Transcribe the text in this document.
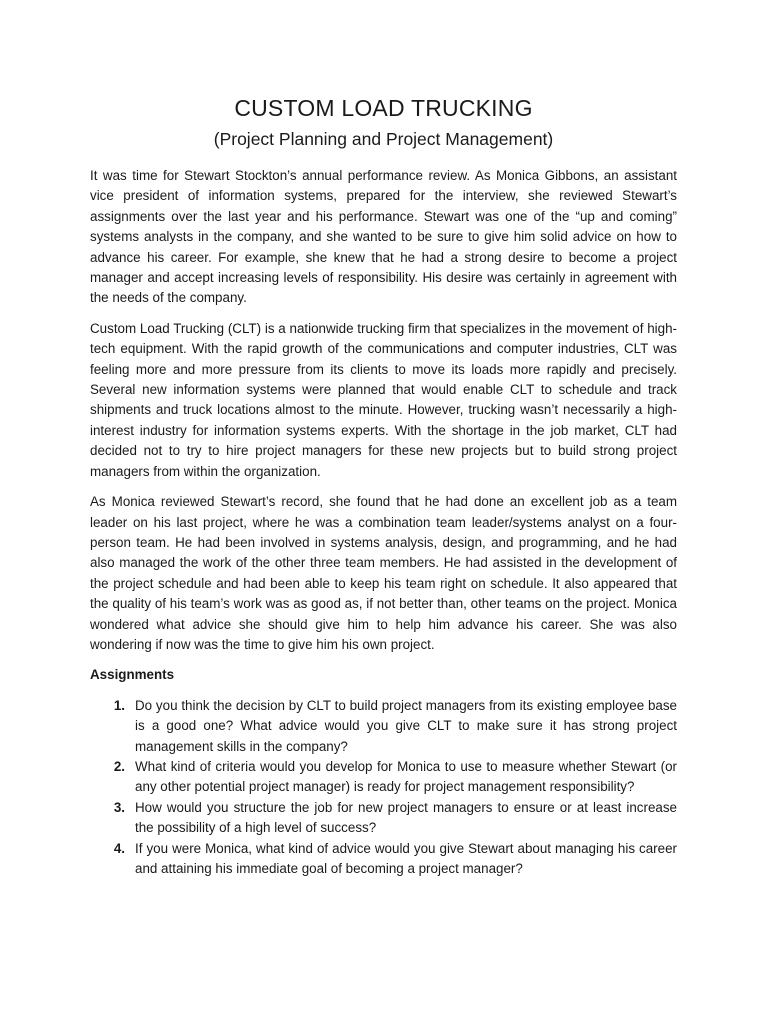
CUSTOM LOAD TRUCKING
(Project Planning and Project Management)

It was time for Stewart Stockton’s annual performance review. As Monica Gibbons, an assistant vice president of information systems, prepared for the interview, she reviewed Stewart’s assignments over the last year and his performance. Stewart was one of the “up and coming” systems analysts in the company, and she wanted to be sure to give him solid advice on how to advance his career. For example, she knew that he had a strong desire to become a project manager and accept increasing levels of responsibility. His desire was certainly in agreement with the needs of the company.

Custom Load Trucking (CLT) is a nationwide trucking firm that specializes in the movement of high-tech equipment. With the rapid growth of the communications and computer industries, CLT was feeling more and more pressure from its clients to move its loads more rapidly and precisely. Several new information systems were planned that would enable CLT to schedule and track shipments and truck locations almost to the minute. However, trucking wasn’t necessarily a high-interest industry for information systems experts. With the shortage in the job market, CLT had decided not to try to hire project managers for these new projects but to build strong project managers from within the organization.

As Monica reviewed Stewart’s record, she found that he had done an excellent job as a team leader on his last project, where he was a combination team leader/systems analyst on a four-person team. He had been involved in systems analysis, design, and programming, and he had also managed the work of the other three team members. He had assisted in the development of the project schedule and had been able to keep his team right on schedule. It also appeared that the quality of his team’s work was as good as, if not better than, other teams on the project. Monica wondered what advice she should give him to help him advance his career. She was also wondering if now was the time to give him his own project.

Assignments
1. Do you think the decision by CLT to build project managers from its existing employee base is a good one? What advice would you give CLT to make sure it has strong project management skills in the company?
2. What kind of criteria would you develop for Monica to use to measure whether Stewart (or any other potential project manager) is ready for project management responsibility?
3. How would you structure the job for new project managers to ensure or at least increase the possibility of a high level of success?
4. If you were Monica, what kind of advice would you give Stewart about managing his career and attaining his immediate goal of becoming a project manager?
